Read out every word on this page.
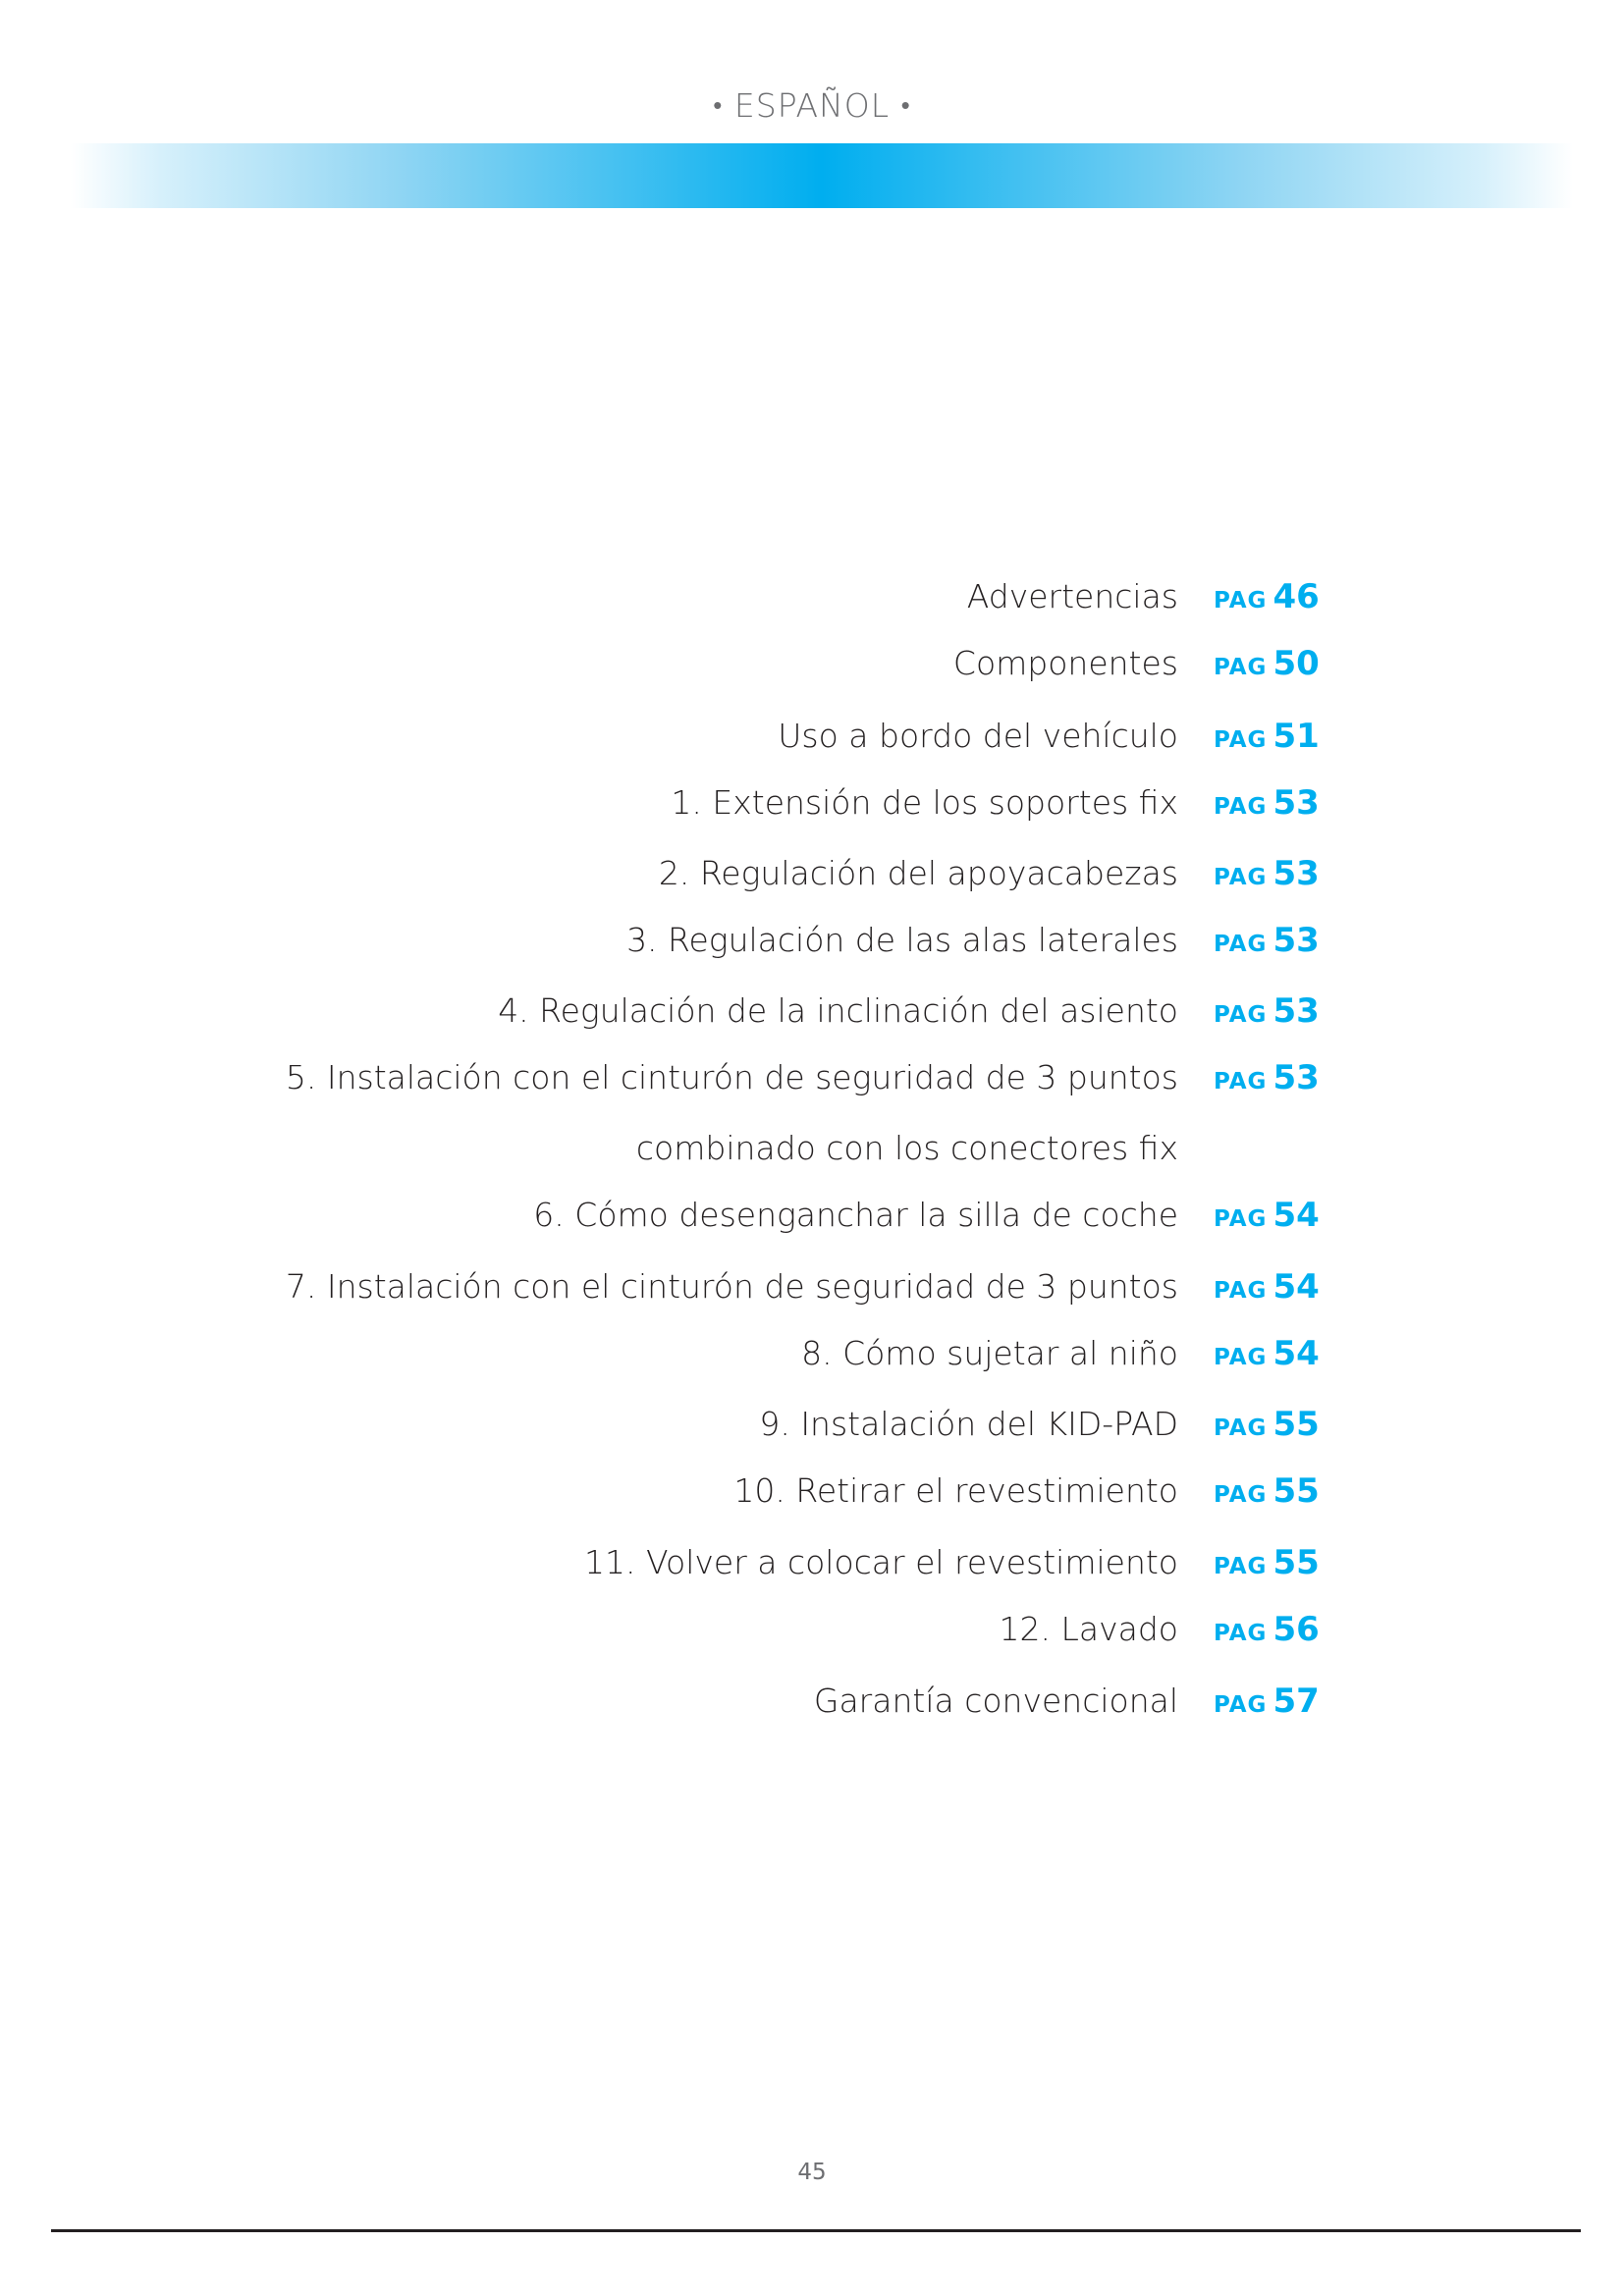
• ESPAÑOL •
Advertencias PAG 46
Componentes PAG 50
Uso a bordo del vehículo PAG 51
1. Extensión de los soportes fix PAG 53
2. Regulación del apoyacabezas PAG 53
3. Regulación de las alas laterales PAG 53
4. Regulación de la inclinación del asiento PAG 53
5. Instalación con el cinturón de seguridad de 3 puntos PAG 53
combinado con los conectores fix
6. Cómo desenganchar la silla de coche PAG 54
7. Instalación con el cinturón de seguridad de 3 puntos PAG 54
8. Cómo sujetar al niño PAG 54
9. Instalación del KID-PAD PAG 55
10. Retirar el revestimiento PAG 55
11. Volver a colocar el revestimiento PAG 55
12. Lavado PAG 56
Garantía convencional PAG 57
45
